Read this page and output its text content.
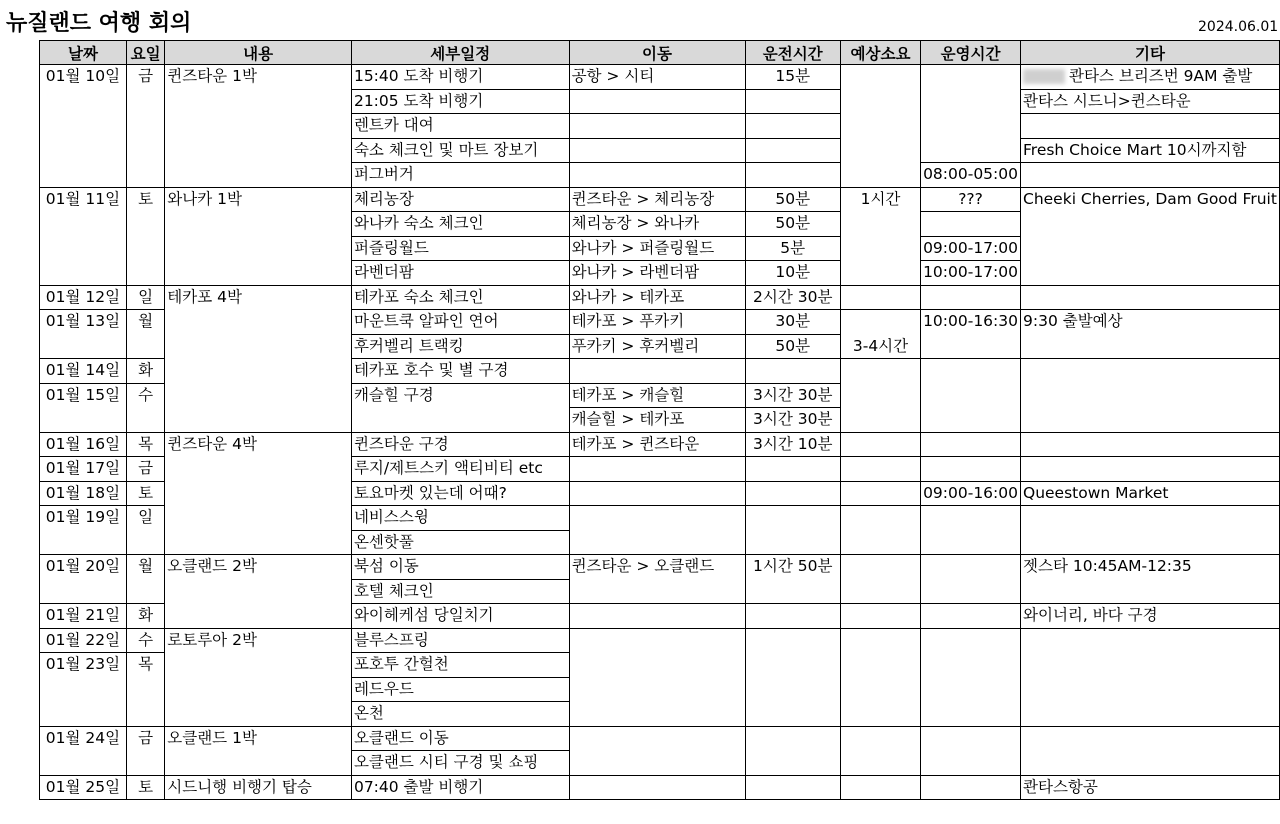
뉴질랜드 여행 회의	2024.06.01
날짜	요일	내용	세부일정	이동	운전시간	예상소요	운영시간	기타
01월 10일	금	퀸즈타운 1박	15:40 도착 비행기	공항 > 시티	15분			콴타스 브리즈번 9AM 출발
			21:05 도착 비행기					콴타스 시드니>퀸스타운
			렌트카 대여					
			숙소 체크인 및 마트 장보기					Fresh Choice Mart 10시까지함
			퍼그버거				08:00-05:00	
01월 11일	토	와나카 1박	체리농장	퀸즈타운 > 체리농장	50분	1시간	???	Cheeki Cherries, Dam Good Fruit
			와나카 숙소 체크인	체리농장 > 와나카	50분			
			퍼즐링월드	와나카 > 퍼즐링월드	5분		09:00-17:00	
			라벤더팜	와나카 > 라벤더팜	10분		10:00-17:00	
01월 12일	일	테카포 4박	테카포 숙소 체크인	와나카 > 테카포	2시간 30분			
01월 13일	월		마운트쿡 알파인 연어	테카포 > 푸카키	30분	3-4시간	10:00-16:30	9:30 출발예상
			후커벨리 트랙킹	푸카키 > 후커벨리	50분			
01월 14일	화		테카포 호수 및 별 구경					
01월 15일	수		캐슬힐 구경	테카포 > 캐슬힐	3시간 30분			
				캐슬힐 > 테카포	3시간 30분			
01월 16일	목	퀸즈타운 4박	퀸즈타운 구경	테카포 > 퀸즈타운	3시간 10분			
01월 17일	금		루지/제트스키 액티비티 etc					
01월 18일	토		토요마켓 있는데 어때?				09:00-16:00	Queestown Market
01월 19일	일		네비스스윙					
			온센핫풀					
01월 20일	월	오클랜드 2박	북섬 이동	퀸즈타운 > 오클랜드	1시간 50분			젯스타 10:45AM-12:35
			호텔 체크인					
01월 21일	화		와이헤케섬 당일치기					와이너리, 바다 구경
01월 22일	수	로토루아 2박	블루스프링					
01월 23일	목		포호투 간헐천					
			레드우드					
			온천					
01월 24일	금	오클랜드 1박	오클랜드 이동					
			오클랜드 시티 구경 및 쇼핑					
01월 25일	토	시드니행 비행기 탑승	07:40 출발 비행기					콴타스항공
